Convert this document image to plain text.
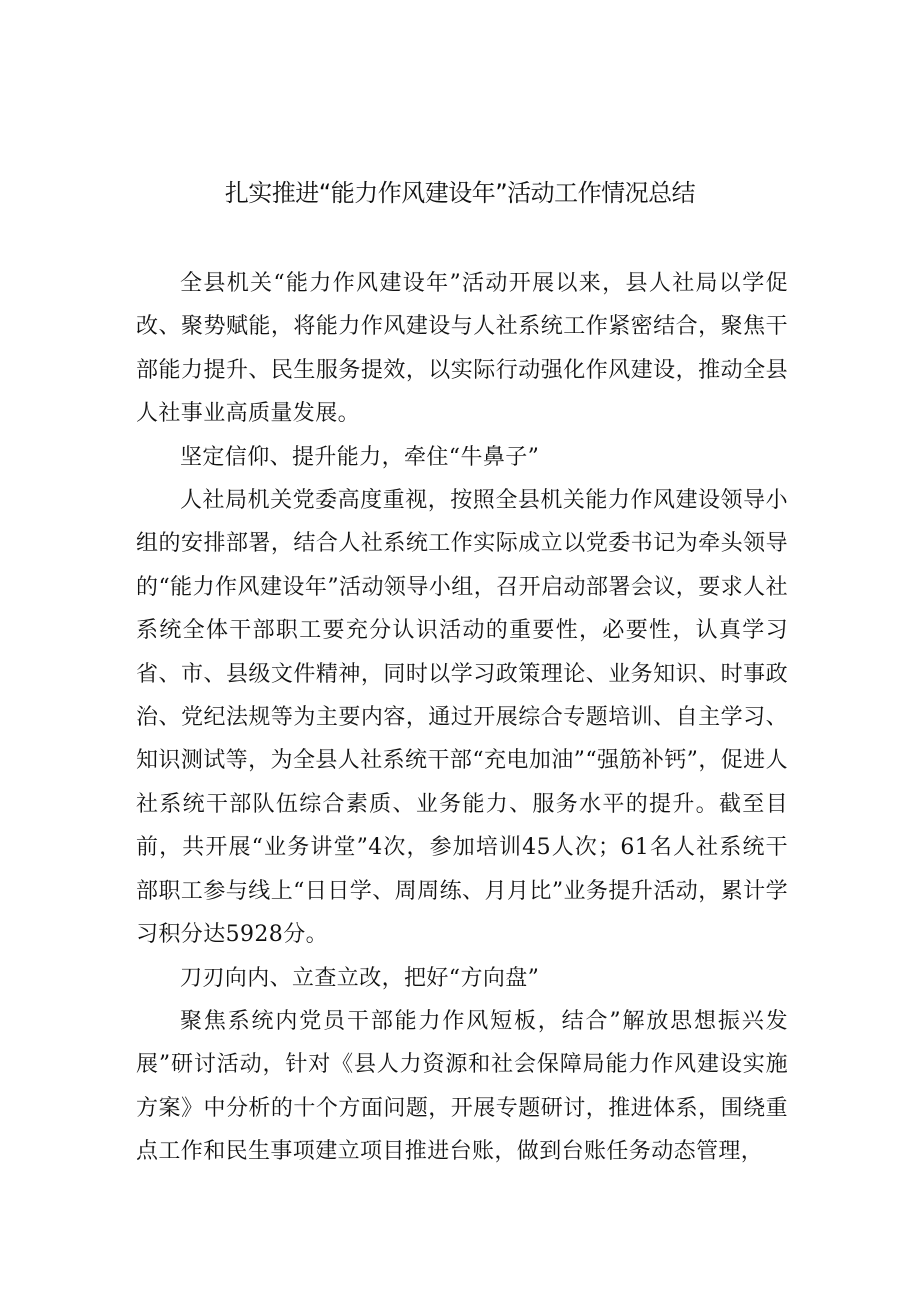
扎实推进“能力作风建设年”活动工作情况总结

全县机关“能力作风建设年”活动开展以来，县人社局以学促改、聚势赋能，将能力作风建设与人社系统工作紧密结合，聚焦干部能力提升、民生服务提效，以实际行动强化作风建设，推动全县人社事业高质量发展。

坚定信仰、提升能力，牵住“牛鼻子”

人社局机关党委高度重视，按照全县机关能力作风建设领导小组的安排部署，结合人社系统工作实际成立以党委书记为牵头领导的“能力作风建设年”活动领导小组，召开启动部署会议，要求人社系统全体干部职工要充分认识活动的重要性，必要性，认真学习省、市、县级文件精神，同时以学习政策理论、业务知识、时事政治、党纪法规等为主要内容，通过开展综合专题培训、自主学习、知识测试等，为全县人社系统干部“充电加油”“强筋补钙”，促进人社系统干部队伍综合素质、业务能力、服务水平的提升。截至目前，共开展“业务讲堂”4次，参加培训45人次；61名人社系统干部职工参与线上“日日学、周周练、月月比”业务提升活动，累计学习积分达5928分。

刀刃向内、立查立改，把好“方向盘”

聚焦系统内党员干部能力作风短板，结合”解放思想振兴发展”研讨活动，针对《县人力资源和社会保障局能力作风建设实施方案》中分析的十个方面问题，开展专题研讨，推进体系，围绕重点工作和民生事项建立项目推进台账，做到台账任务动态管理，
